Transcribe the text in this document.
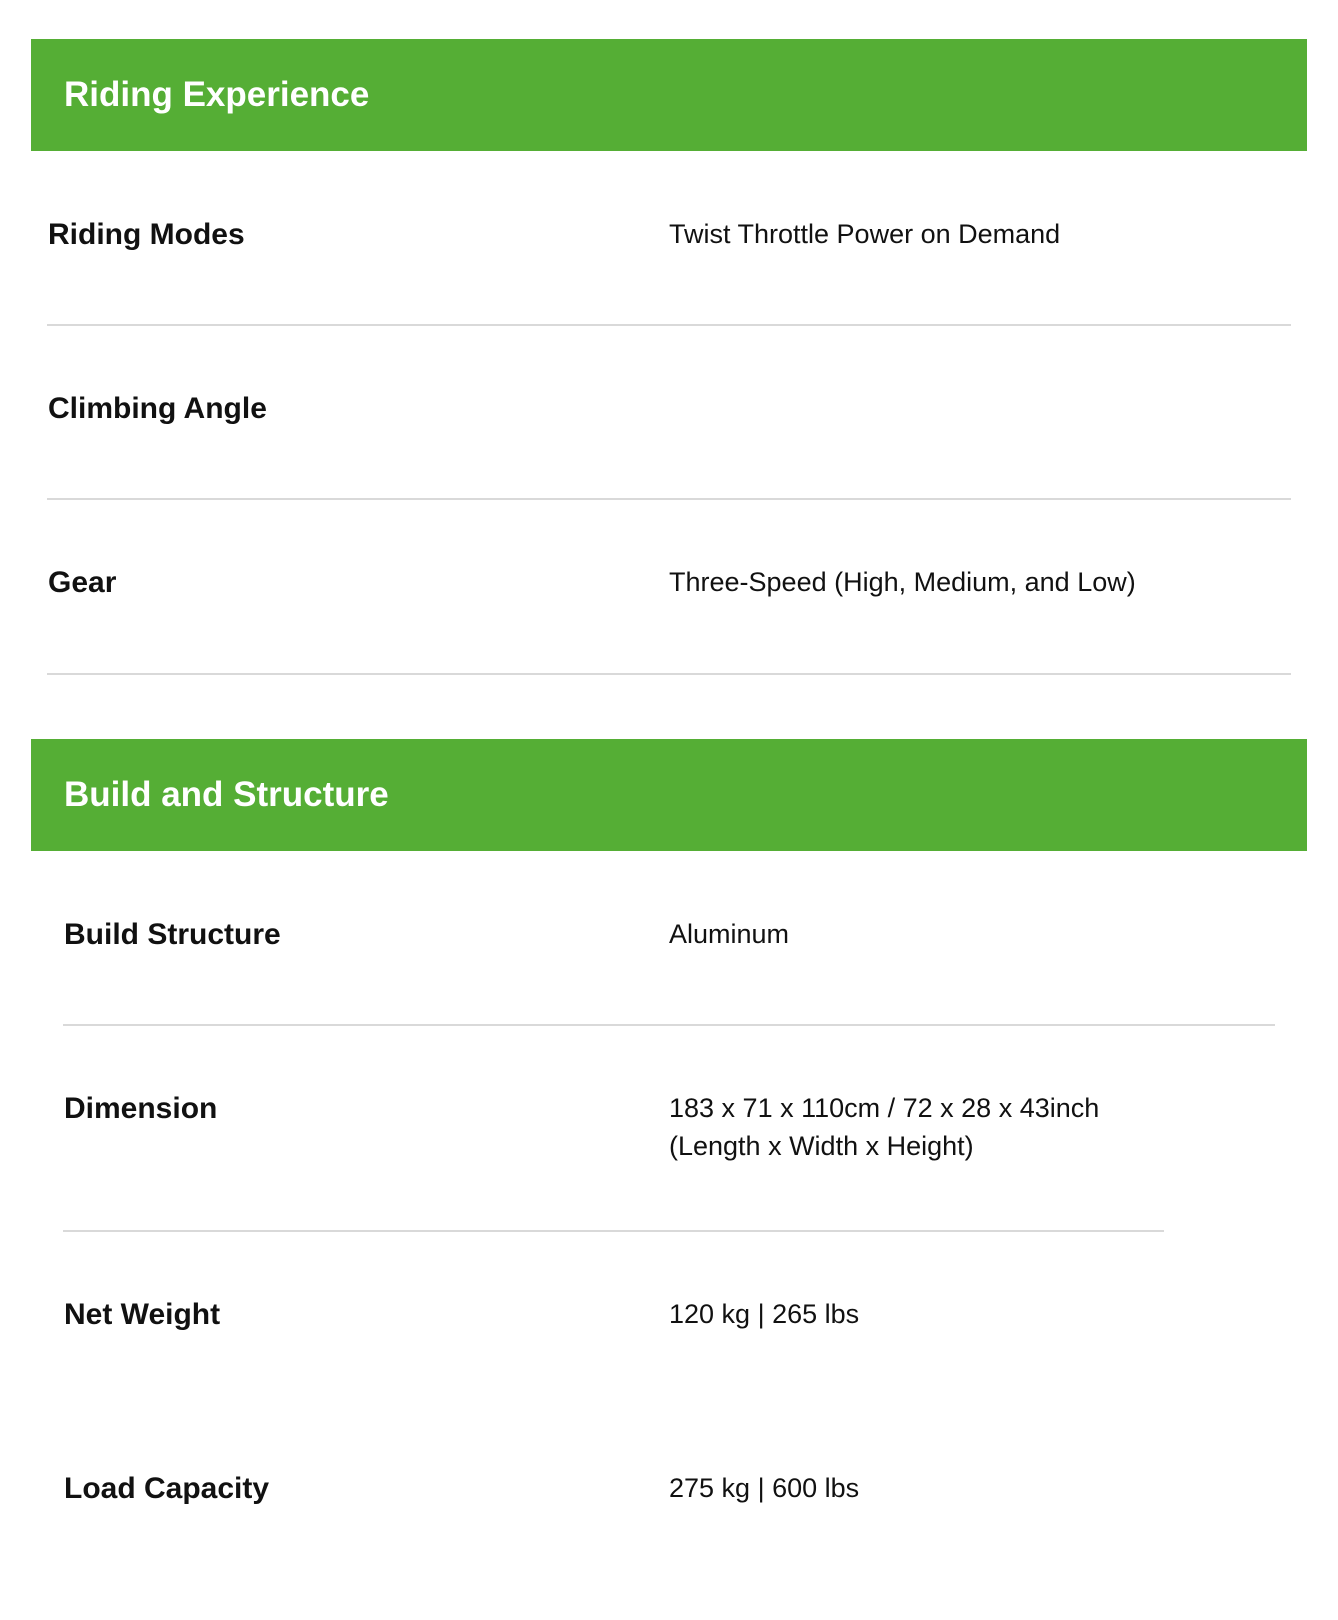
Riding Experience
Riding Modes	Twist Throttle Power on Demand
Climbing Angle
Gear	Three-Speed (High, Medium, and Low)
Build and Structure
Build Structure	Aluminum
Dimension	183 x 71 x 110cm / 72 x 28 x 43inch
(Length x Width x Height)
Net Weight	120 kg | 265 lbs
Load Capacity	275 kg | 600 lbs
